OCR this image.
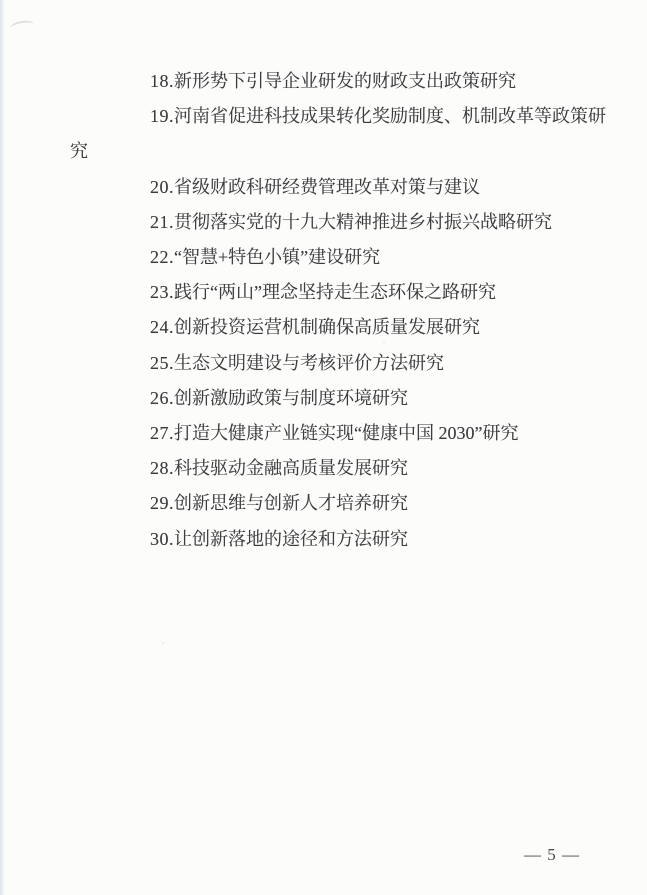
18.新形势下引导企业研发的财政支出政策研究

19.河南省促进科技成果转化奖励制度、机制改革等政策研

究

20.省级财政科研经费管理改革对策与建议

21.贯彻落实党的十九大精神推进乡村振兴战略研究

22.“智慧+特色小镇”建设研究

23.践行“两山”理念坚持走生态环保之路研究

24.创新投资运营机制确保高质量发展研究

25.生态文明建设与考核评价方法研究

26.创新激励政策与制度环境研究

27.打造大健康产业链实现“健康中国 2030”研究

28.科技驱动金融高质量发展研究

29.创新思维与创新人才培养研究

30.让创新落地的途径和方法研究

— 5 —
